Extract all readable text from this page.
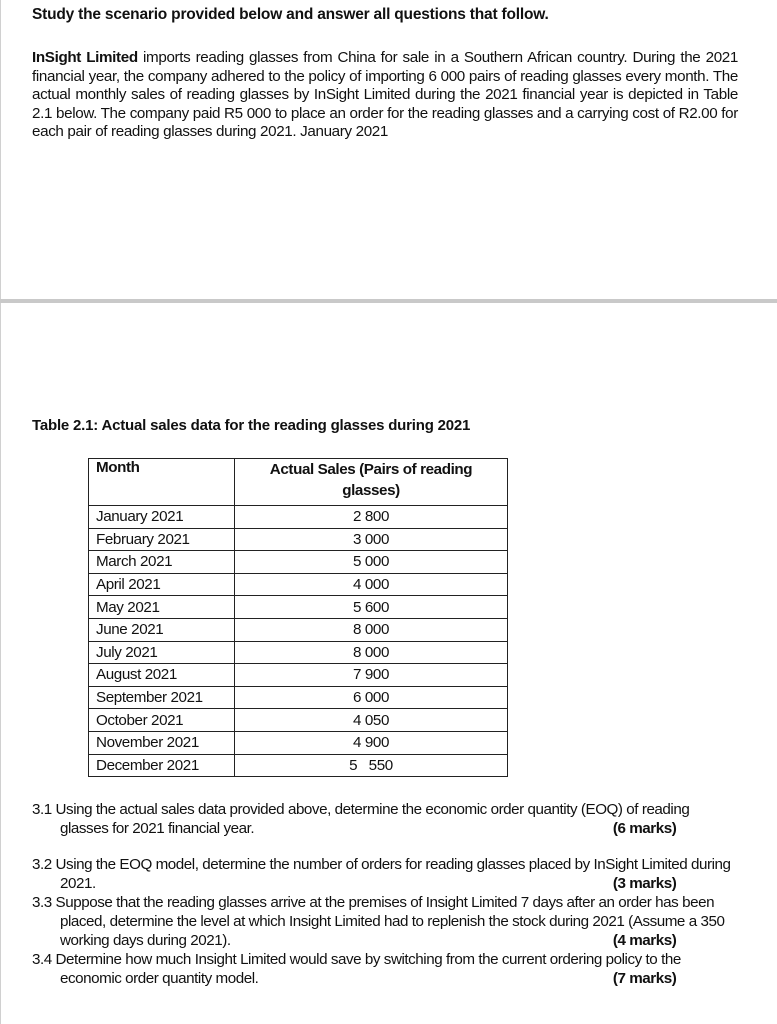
Study the scenario provided below and answer all questions that follow.
InSight Limited imports reading glasses from China for sale in a Southern African country. During the 2021 financial year, the company adhered to the policy of importing 6 000 pairs of reading glasses every month. The actual monthly sales of reading glasses by InSight Limited during the 2021 financial year is depicted in Table 2.1 below. The company paid R5 000 to place an order for the reading glasses and a carrying cost of R2.00 for each pair of reading glasses during 2021. January 2021
Table 2.1: Actual sales data for the reading glasses during 2021
Month	Actual Sales (Pairs of reading glasses)
January 2021	2 800
February 2021	3 000
March 2021	5 000
April 2021	4 000
May 2021	5 600
June 2021	8 000
July 2021	8 000
August 2021	7 900
September 2021	6 000
October 2021	4 050
November 2021	4 900
December 2021	5   550
3.1 Using the actual sales data provided above, determine the economic order quantity (EOQ) of reading glasses for 2021 financial year.	(6 marks)
3.2 Using the EOQ model, determine the number of orders for reading glasses placed by InSight Limited during 2021.	(3 marks)
3.3 Suppose that the reading glasses arrive at the premises of Insight Limited 7 days after an order has been placed, determine the level at which Insight Limited had to replenish the stock during 2021 (Assume a 350 working days during 2021).	(4 marks)
3.4 Determine how much Insight Limited would save by switching from the current ordering policy to the economic order quantity model.	(7 marks)
